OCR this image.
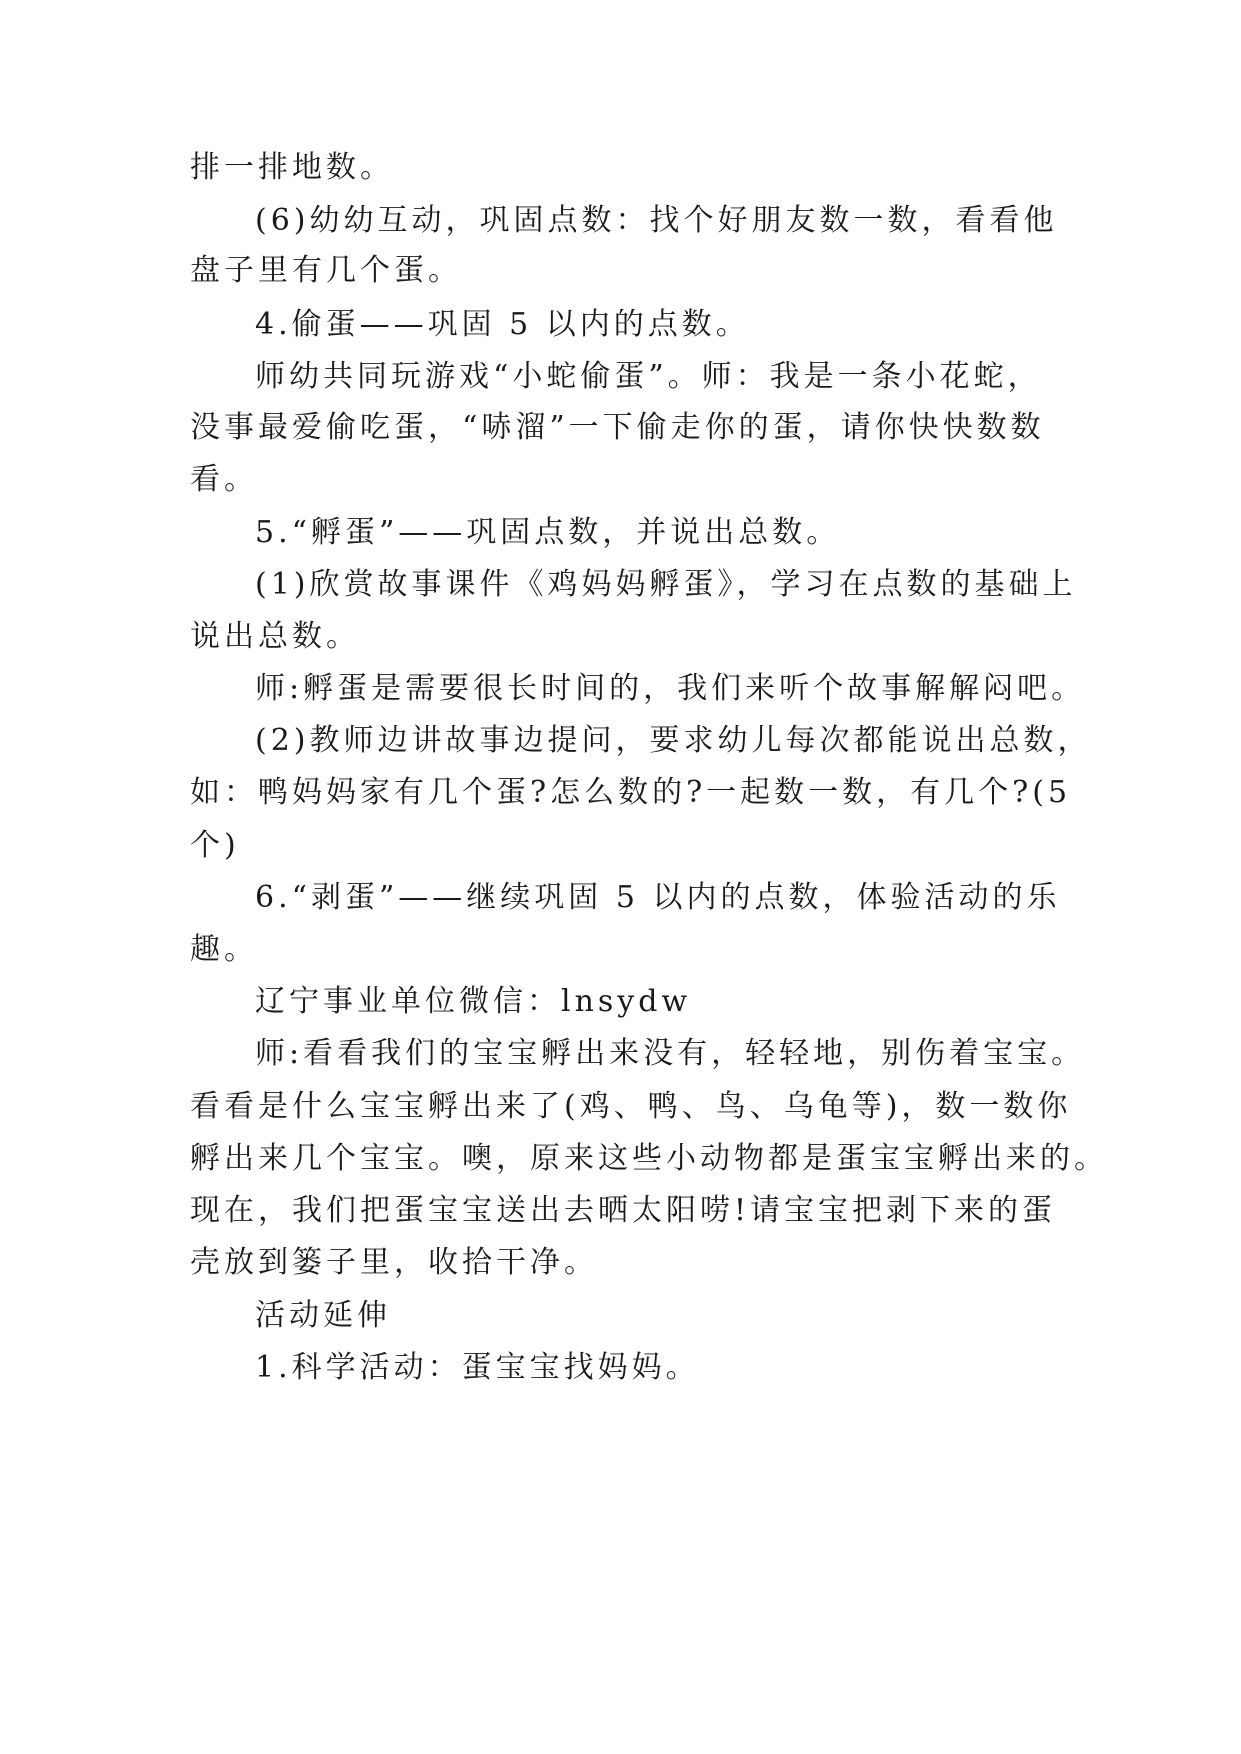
排一排地数。
(6)幼幼互动，巩固点数：找个好朋友数一数，看看他
盘子里有几个蛋。
4.偷蛋——巩固 5 以内的点数。
师幼共同玩游戏“小蛇偷蛋”。师：我是一条小花蛇，
没事最爱偷吃蛋，“哧溜”一下偷走你的蛋，请你快快数数
看。
5.“孵蛋”——巩固点数，并说出总数。
(1)欣赏故事课件《鸡妈妈孵蛋》，学习在点数的基础上
说出总数。
师:孵蛋是需要很长时间的，我们来听个故事解解闷吧。
(2)教师边讲故事边提问，要求幼儿每次都能说出总数，
如：鸭妈妈家有几个蛋?怎么数的?一起数一数，有几个?(5
个)
6.“剥蛋”——继续巩固 5 以内的点数，体验活动的乐
趣。
辽宁事业单位微信：lnsydw
师:看看我们的宝宝孵出来没有，轻轻地，别伤着宝宝。
看看是什么宝宝孵出来了(鸡、鸭、鸟、乌龟等)，数一数你
孵出来几个宝宝。噢，原来这些小动物都是蛋宝宝孵出来的。
现在，我们把蛋宝宝送出去晒太阳唠!请宝宝把剥下来的蛋
壳放到篓子里，收拾干净。
活动延伸
1.科学活动：蛋宝宝找妈妈。
